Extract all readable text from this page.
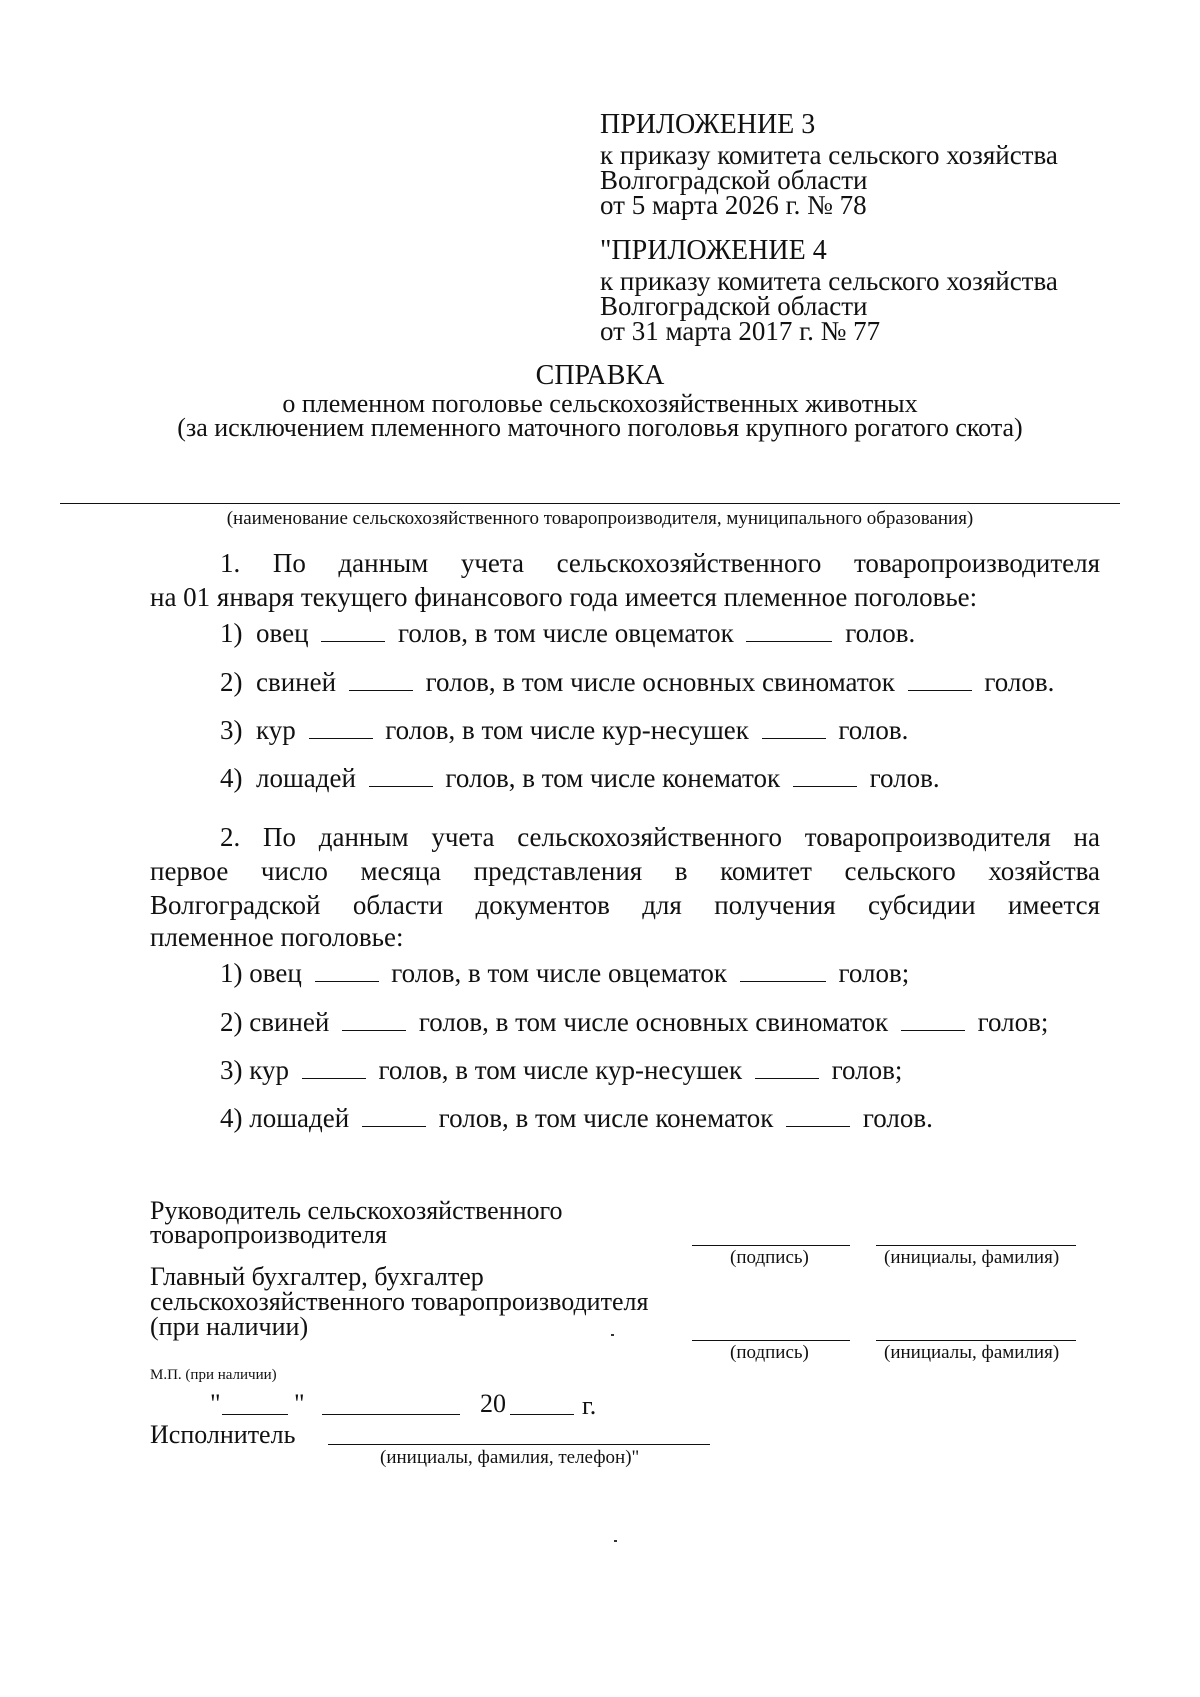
ПРИЛОЖЕНИЕ 3
к приказу комитета сельского хозяйства
Волгоградской области
от 5 марта 2026 г. № 78
"ПРИЛОЖЕНИЕ 4
к приказу комитета сельского хозяйства
Волгоградской области
от 31 марта 2017 г. № 77
СПРАВКА
о племенном поголовье сельскохозяйственных животных
(за исключением племенного маточного поголовья крупного рогатого скота)
(наименование сельскохозяйственного товаропроизводителя, муниципального образования)
1. По данным учета сельскохозяйственного товаропроизводителя
на 01 января текущего финансового года имеется племенное поголовье:
1) овец	голов, в том числе овцематок	голов.
2) свиней	голов, в том числе основных свиноматок	голов.
3) кур	голов, в том числе кур-несушек	голов.
4) лошадей	голов, в том числе конематок	голов.
2. По данным учета сельскохозяйственного товаропроизводителя на
первое число месяца представления в комитет сельского хозяйства
Волгоградской области документов для получения субсидии имеется
племенное поголовье:
1) овец	голов, в том числе овцематок	голов;
2) свиней	голов, в том числе основных свиноматок	голов;
3) кур	голов, в том числе кур-несушек	голов;
4) лошадей	голов, в том числе конематок	голов.
Руководитель сельскохозяйственного
товаропроизводителя
(подпись)	(инициалы, фамилия)
Главный бухгалтер, бухгалтер
сельскохозяйственного товаропроизводителя
(при наличии)
(подпись)	(инициалы, фамилия)
М.П. (при наличии)
"	"	20	г.
Исполнитель
(инициалы, фамилия, телефон)"
